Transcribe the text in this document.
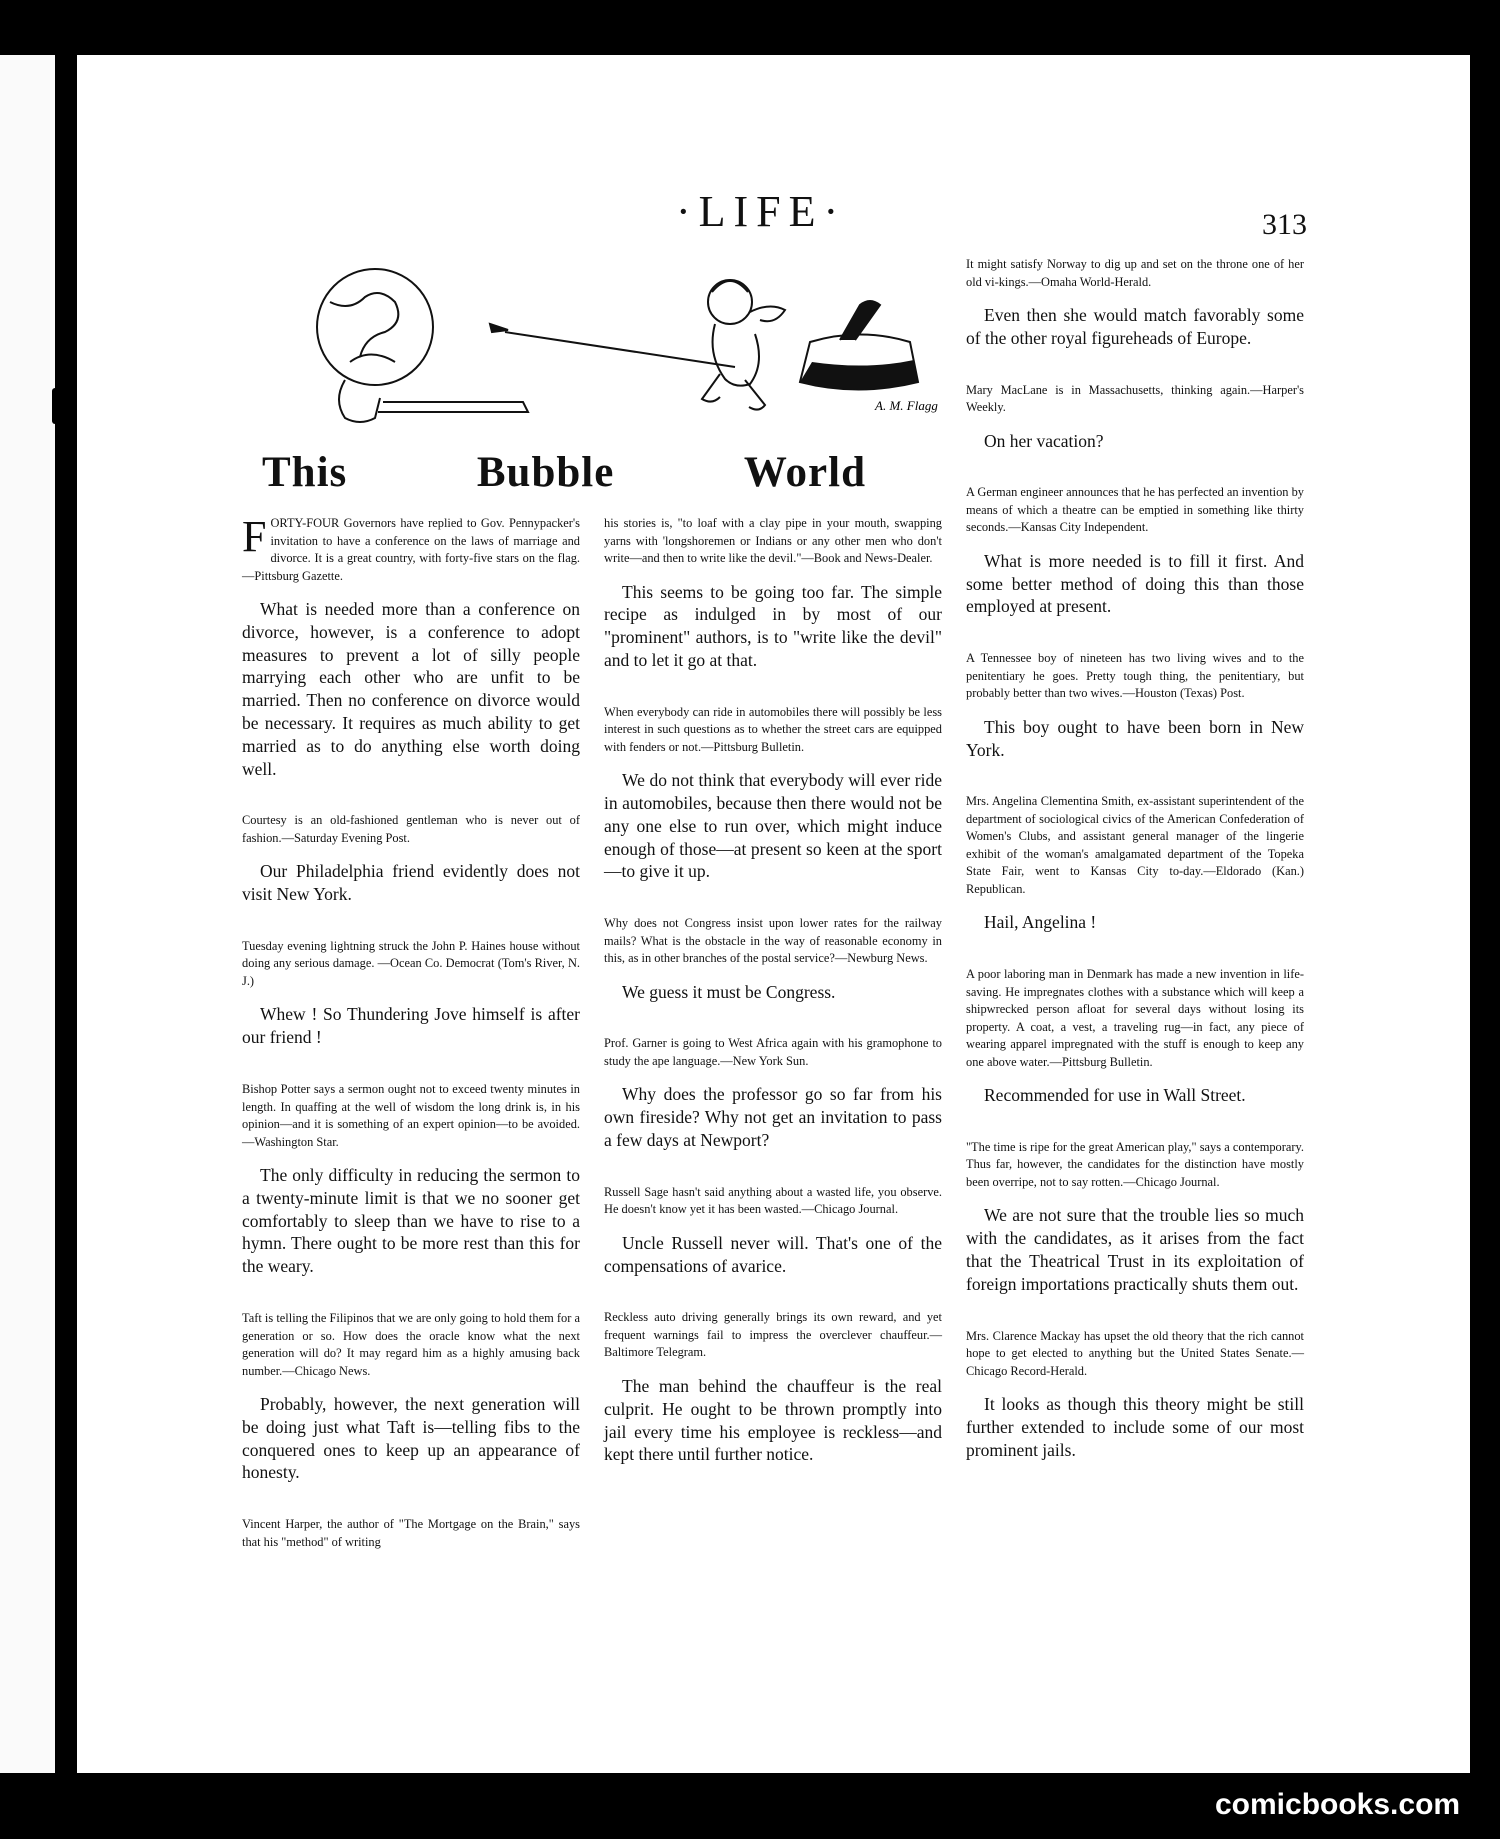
·LIFE·	313
A. M. Flagg
This	Bubble	World

FORTY-FOUR Governors have replied to Gov. Pennypacker's invitation to have a conference on the laws of marriage and divorce. It is a great country, with forty-five stars on the flag.—Pittsburg Gazette.

What is needed more than a conference on divorce, however, is a conference to adopt measures to prevent a lot of silly people marrying each other who are unfit to be married. Then no conference on divorce would be necessary. It requires as much ability to get married as to do anything else worth doing well.

Courtesy is an old-fashioned gentleman who is never out of fashion.—Saturday Evening Post.

Our Philadelphia friend evidently does not visit New York.

Tuesday evening lightning struck the John P. Haines house without doing any serious damage. —Ocean Co. Democrat (Tom's River, N. J.)

Whew ! So Thundering Jove himself is after our friend !

Bishop Potter says a sermon ought not to exceed twenty minutes in length. In quaffing at the well of wisdom the long drink is, in his opinion—and it is something of an expert opinion—to be avoided.—Washington Star.

The only difficulty in reducing the sermon to a twenty-minute limit is that we no sooner get comfortably to sleep than we have to rise to a hymn. There ought to be more rest than this for the weary.

Taft is telling the Filipinos that we are only going to hold them for a generation or so. How does the oracle know what the next generation will do? It may regard him as a highly amusing back number.—Chicago News.

Probably, however, the next generation will be doing just what Taft is—telling fibs to the conquered ones to keep up an appearance of honesty.

Vincent Harper, the author of "The Mortgage on the Brain," says that his "method" of writing

his stories is, "to loaf with a clay pipe in your mouth, swapping yarns with 'longshoremen or Indians or any other men who don't write—and then to write like the devil."—Book and News-Dealer.

This seems to be going too far. The simple recipe as indulged in by most of our "prominent" authors, is to "write like the devil" and to let it go at that.

When everybody can ride in automobiles there will possibly be less interest in such questions as to whether the street cars are equipped with fenders or not.—Pittsburg Bulletin.

We do not think that everybody will ever ride in automobiles, because then there would not be any one else to run over, which might induce enough of those—at present so keen at the sport—to give it up.

Why does not Congress insist upon lower rates for the railway mails? What is the obstacle in the way of reasonable economy in this, as in other branches of the postal service?—Newburg News.

We guess it must be Congress.

Prof. Garner is going to West Africa again with his gramophone to study the ape language.—New York Sun.

Why does the professor go so far from his own fireside? Why not get an invitation to pass a few days at Newport?

Russell Sage hasn't said anything about a wasted life, you observe. He doesn't know yet it has been wasted.—Chicago Journal.

Uncle Russell never will. That's one of the compensations of avarice.

Reckless auto driving generally brings its own reward, and yet frequent warnings fail to impress the overclever chauffeur.—Baltimore Telegram.

The man behind the chauffeur is the real culprit. He ought to be thrown promptly into jail every time his employee is reckless—and kept there until further notice.

It might satisfy Norway to dig up and set on the throne one of her old vi-kings.—Omaha World-Herald.

Even then she would match favorably some of the other royal figureheads of Europe.

Mary MacLane is in Massachusetts, thinking again.—Harper's Weekly.

On her vacation?

A German engineer announces that he has perfected an invention by means of which a theatre can be emptied in something like thirty seconds.—Kansas City Independent.

What is more needed is to fill it first. And some better method of doing this than those employed at present.

A Tennessee boy of nineteen has two living wives and to the penitentiary he goes. Pretty tough thing, the penitentiary, but probably better than two wives.—Houston (Texas) Post.

This boy ought to have been born in New York.

Mrs. Angelina Clementina Smith, ex-assistant superintendent of the department of sociological civics of the American Confederation of Women's Clubs, and assistant general manager of the lingerie exhibit of the woman's amalgamated department of the Topeka State Fair, went to Kansas City to-day.—Eldorado (Kan.) Republican.

Hail, Angelina !

A poor laboring man in Denmark has made a new invention in life-saving. He impregnates clothes with a substance which will keep a shipwrecked person afloat for several days without losing its property. A coat, a vest, a traveling rug—in fact, any piece of wearing apparel impregnated with the stuff is enough to keep any one above water.—Pittsburg Bulletin.

Recommended for use in Wall Street.

"The time is ripe for the great American play," says a contemporary. Thus far, however, the candidates for the distinction have mostly been overripe, not to say rotten.—Chicago Journal.

We are not sure that the trouble lies so much with the candidates, as it arises from the fact that the Theatrical Trust in its exploitation of foreign importations practically shuts them out.

Mrs. Clarence Mackay has upset the old theory that the rich cannot hope to get elected to anything but the United States Senate.—Chicago Record-Herald.

It looks as though this theory might be still further extended to include some of our most prominent jails.

comicbooks.com
